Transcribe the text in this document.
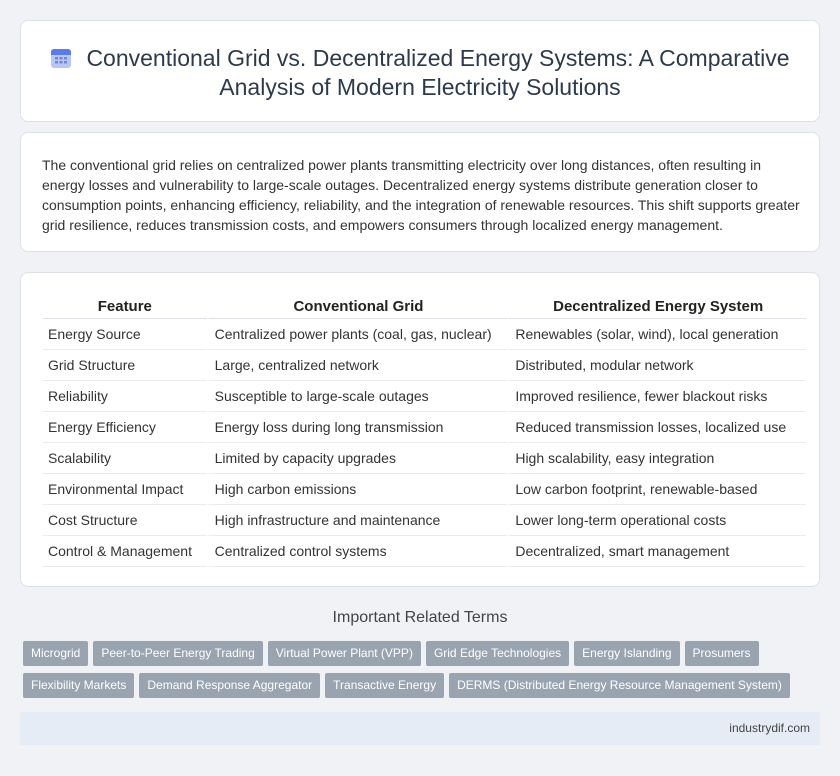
Conventional Grid vs. Decentralized Energy Systems: A Comparative Analysis of Modern Electricity Solutions

The conventional grid relies on centralized power plants transmitting electricity over long distances, often resulting in energy losses and vulnerability to large-scale outages. Decentralized energy systems distribute generation closer to consumption points, enhancing efficiency, reliability, and the integration of renewable resources. This shift supports greater grid resilience, reduces transmission costs, and empowers consumers through localized energy management.

Feature	Conventional Grid	Decentralized Energy System
Energy Source	Centralized power plants (coal, gas, nuclear)	Renewables (solar, wind), local generation
Grid Structure	Large, centralized network	Distributed, modular network
Reliability	Susceptible to large-scale outages	Improved resilience, fewer blackout risks
Energy Efficiency	Energy loss during long transmission	Reduced transmission losses, localized use
Scalability	Limited by capacity upgrades	High scalability, easy integration
Environmental Impact	High carbon emissions	Low carbon footprint, renewable-based
Cost Structure	High infrastructure and maintenance	Lower long-term operational costs
Control & Management	Centralized control systems	Decentralized, smart management
Important Related Terms
Microgrid Peer-to-Peer Energy Trading Virtual Power Plant (VPP) Grid Edge Technologies Energy Islanding Prosumers
Flexibility Markets Demand Response Aggregator Transactive Energy DERMS (Distributed Energy Resource Management System)
industrydif.com
